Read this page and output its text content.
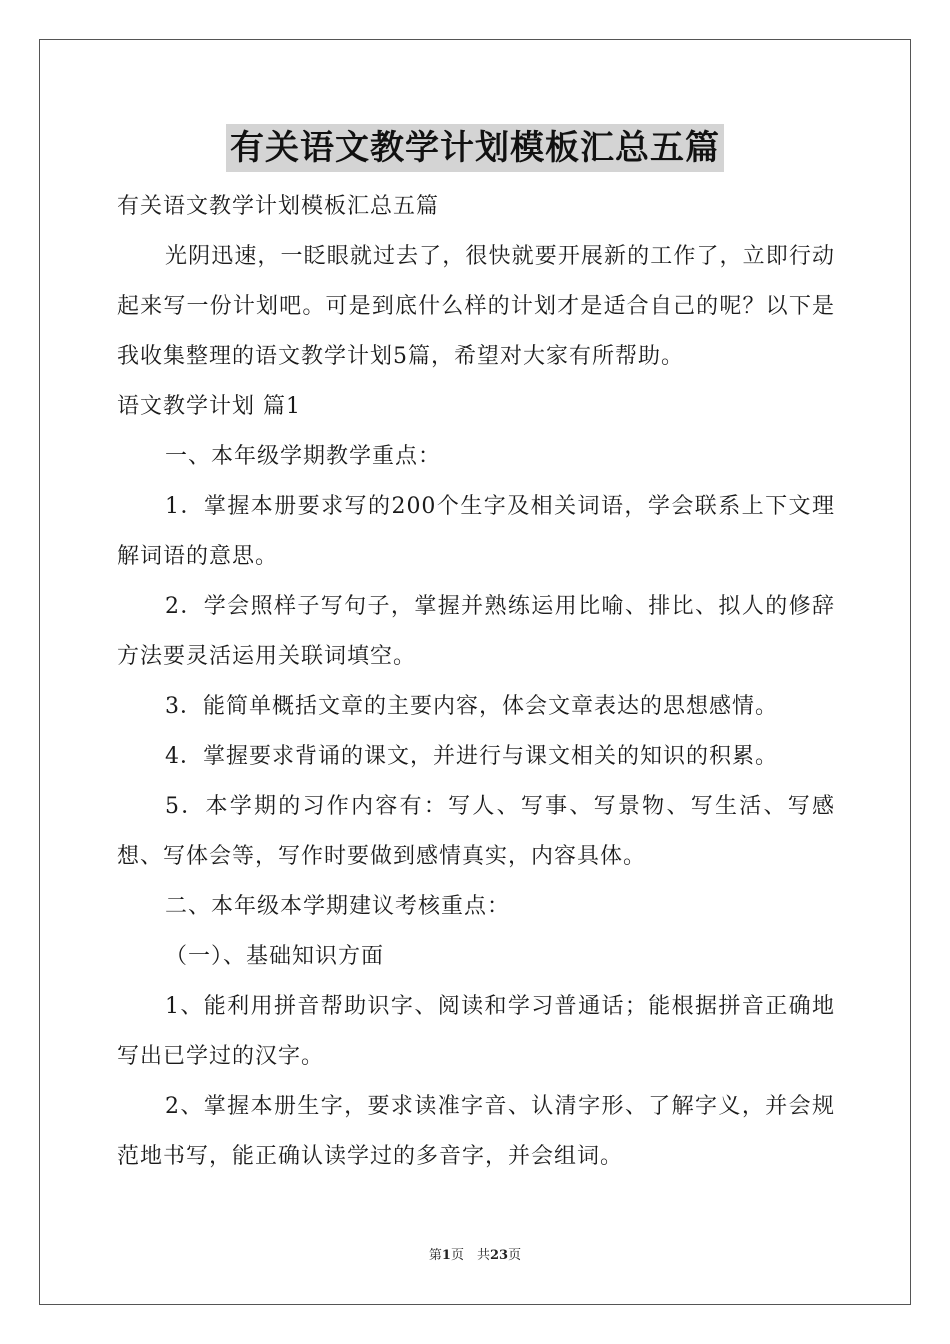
有关语文教学计划模板汇总五篇

有关语文教学计划模板汇总五篇

光阴迅速，一眨眼就过去了，很快就要开展新的工作了，立即行动起来写一份计划吧。可是到底什么样的计划才是适合自己的呢？以下是我收集整理的语文教学计划5篇，希望对大家有所帮助。

语文教学计划 篇1

一、本年级学期教学重点：

1．掌握本册要求写的200个生字及相关词语，学会联系上下文理解词语的意思。

2．学会照样子写句子，掌握并熟练运用比喻、排比、拟人的修辞方法要灵活运用关联词填空。

3．能简单概括文章的主要内容，体会文章表达的思想感情。

4．掌握要求背诵的课文，并进行与课文相关的知识的积累。

5．本学期的习作内容有：写人、写事、写景物、写生活、写感想、写体会等，写作时要做到感情真实，内容具体。

二、本年级本学期建议考核重点：

（一）、基础知识方面

1、能利用拼音帮助识字、阅读和学习普通话；能根据拼音正确地写出已学过的汉字。

2、掌握本册生字，要求读准字音、认清字形、了解字义，并会规范地书写，能正确认读学过的多音字，并会组词。

第1页　共23页
